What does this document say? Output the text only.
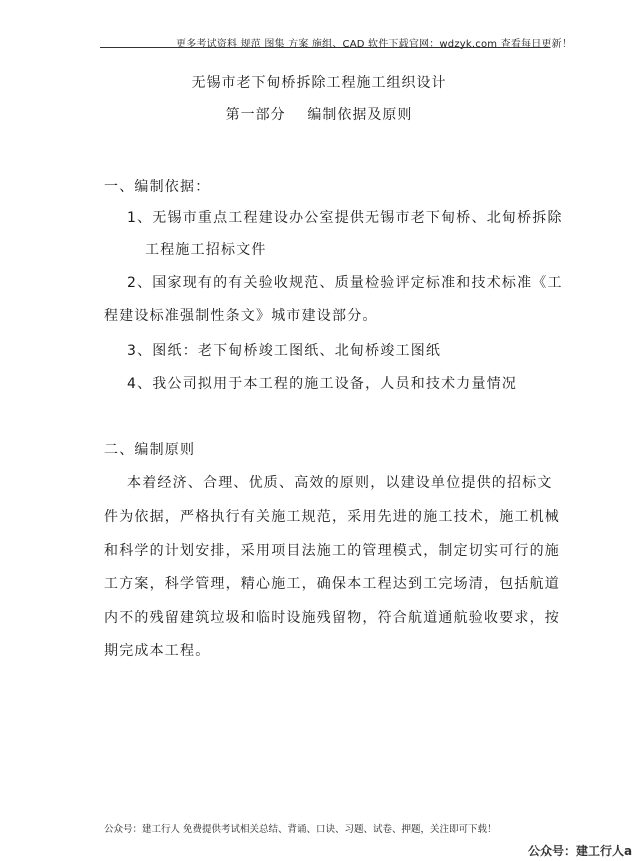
更多考试资料 规范 图集 方案 施组、CAD 软件下载官网：wdzyk.com 查看每日更新！
无锡市老下甸桥拆除工程施工组织设计
第一部分    编制依据及原则
一、编制依据：
1、无锡市重点工程建设办公室提供无锡市老下甸桥、北甸桥拆除
工程施工招标文件
2、国家现有的有关验收规范、质量检验评定标准和技术标准《工
程建设标准强制性条文》城市建设部分。
3、图纸：老下甸桥竣工图纸、北甸桥竣工图纸
4、我公司拟用于本工程的施工设备，人员和技术力量情况
二、编制原则
本着经济、合理、优质、高效的原则，以建设单位提供的招标文
件为依据，严格执行有关施工规范，采用先进的施工技术，施工机械
和科学的计划安排，采用项目法施工的管理模式，制定切实可行的施
工方案，科学管理，精心施工，确保本工程达到工完场清，包括航道
内不的残留建筑垃圾和临时设施残留物，符合航道通航验收要求，按
期完成本工程。
公众号：建工行人 免费提供考试相关总结、背诵、口诀、习题、试卷、押题，关注即可下载！
公众号：建工行人a
